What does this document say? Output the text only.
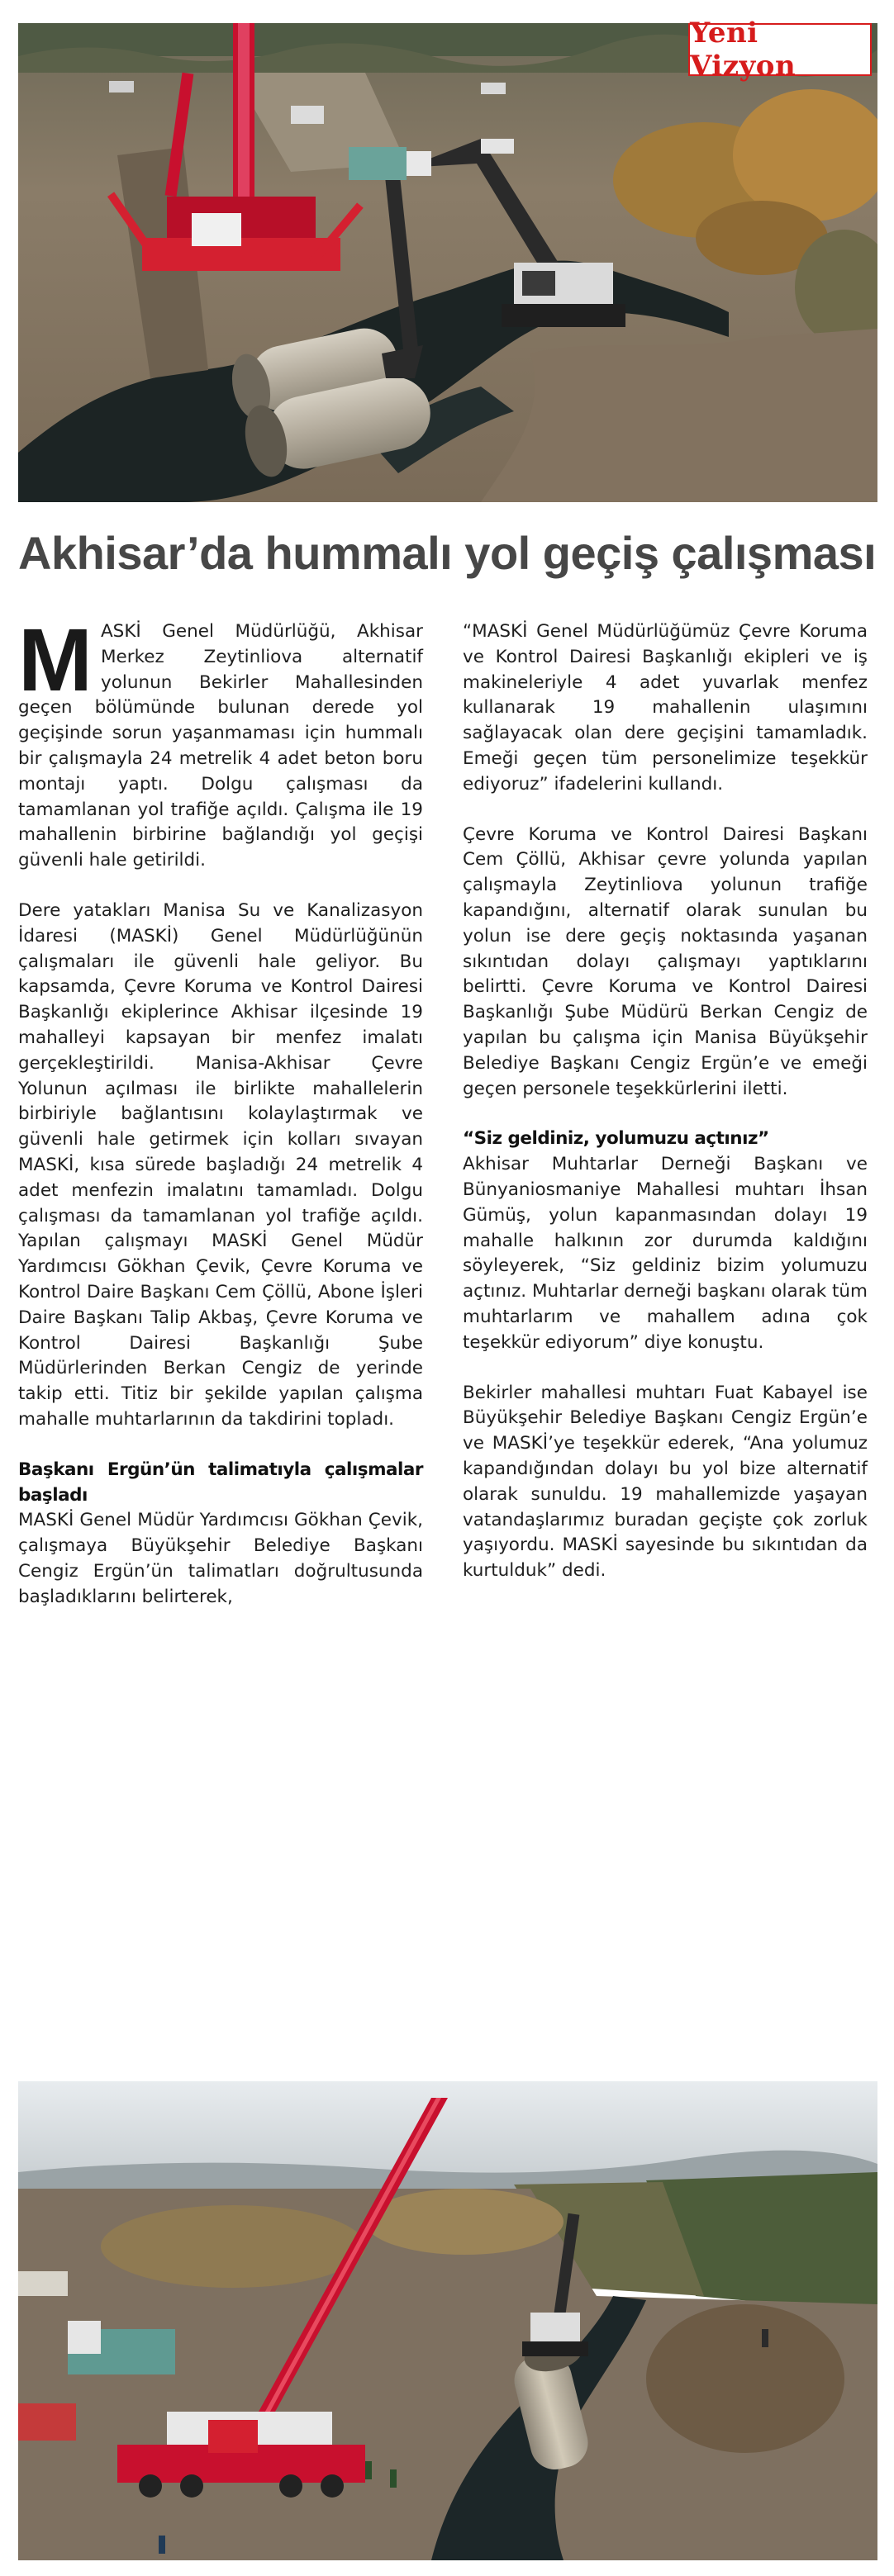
Yeni Vizyon
Akhisar’da hummalı yol geçiş çalışması

MASKİ Genel Müdürlüğü, Akhisar Merkez Zeytinliova alternatif yolunun Bekirler Mahallesinden geçen bölümünde bulunan derede yol geçişinde sorun yaşanmaması için hummalı bir çalışmayla 24 metrelik 4 adet beton boru montajı yaptı. Dolgu çalışması da tamamlanan yol trafiğe açıldı. Çalışma ile 19 mahallenin birbirine bağlandığı yol geçişi güvenli hale getirildi.

Dere yatakları Manisa Su ve Kanalizasyon İdaresi (MASKİ) Genel Müdürlüğünün çalışmaları ile güvenli hale geliyor. Bu kapsamda, Çevre Koruma ve Kontrol Dairesi Başkanlığı ekiplerince Akhisar ilçesinde 19 mahalleyi kapsayan bir menfez imalatı gerçekleştirildi. Manisa-Akhisar Çevre Yolunun açılması ile birlikte mahallelerin birbiriyle bağlantısını kolaylaştırmak ve güvenli hale getirmek için kolları sıvayan MASKİ, kısa sürede başladığı 24 metrelik 4 adet menfezin imalatını tamamladı. Dolgu çalışması da tamamlanan yol trafiğe açıldı. Yapılan çalışmayı MASKİ Genel Müdür Yardımcısı Gökhan Çevik, Çevre Koruma ve Kontrol Daire Başkanı Cem Çöllü, Abone İşleri Daire Başkanı Talip Akbaş, Çevre Koruma ve Kontrol Dairesi Başkanlığı Şube Müdürlerinden Berkan Cengiz de yerinde takip etti. Titiz bir şekilde yapılan çalışma mahalle muhtarlarının da takdirini topladı.

Başkanı Ergün’ün talimatıyla çalışmalar başladı

MASKİ Genel Müdür Yardımcısı Gökhan Çevik, çalışmaya Büyükşehir Belediye Başkanı Cengiz Ergün’ün talimatları doğrultusunda başladıklarını belirterek,

“MASKİ Genel Müdürlüğümüz Çevre Koruma ve Kontrol Dairesi Başkanlığı ekipleri ve iş makineleriyle 4 adet yuvarlak menfez kullanarak 19 mahallenin ulaşımını sağlayacak olan dere geçişini tamamladık. Emeği geçen tüm personelimize teşekkür ediyoruz” ifadelerini kullandı.

Çevre Koruma ve Kontrol Dairesi Başkanı Cem Çöllü, Akhisar çevre yolunda yapılan çalışmayla Zeytinliova yolunun trafiğe kapandığını, alternatif olarak sunulan bu yolun ise dere geçiş noktasında yaşanan sıkıntıdan dolayı çalışmayı yaptıklarını belirtti. Çevre Koruma ve Kontrol Dairesi Başkanlığı Şube Müdürü Berkan Cengiz de yapılan bu çalışma için Manisa Büyükşehir Belediye Başkanı Cengiz Ergün’e ve emeği geçen personele teşekkürlerini iletti.

“Siz geldiniz, yolumuzu açtınız”

Akhisar Muhtarlar Derneği Başkanı ve Bünyaniosmaniye Mahallesi muhtarı İhsan Gümüş, yolun kapanmasından dolayı 19 mahalle halkının zor durumda kaldığını söyleyerek, “Siz geldiniz bizim yolumuzu açtınız. Muhtarlar derneği başkanı olarak tüm muhtarlarım ve mahallem adına çok teşekkür ediyorum” diye konuştu.

Bekirler mahallesi muhtarı Fuat Kabayel ise Büyükşehir Belediye Başkanı Cengiz Ergün’e ve MASKİ’ye teşekkür ederek, “Ana yolumuz kapandığından dolayı bu yol bize alternatif olarak sunuldu. 19 mahallemizde yaşayan vatandaşlarımız buradan geçişte çok zorluk yaşıyordu. MASKİ sayesinde bu sıkıntıdan da kurtulduk” dedi.
